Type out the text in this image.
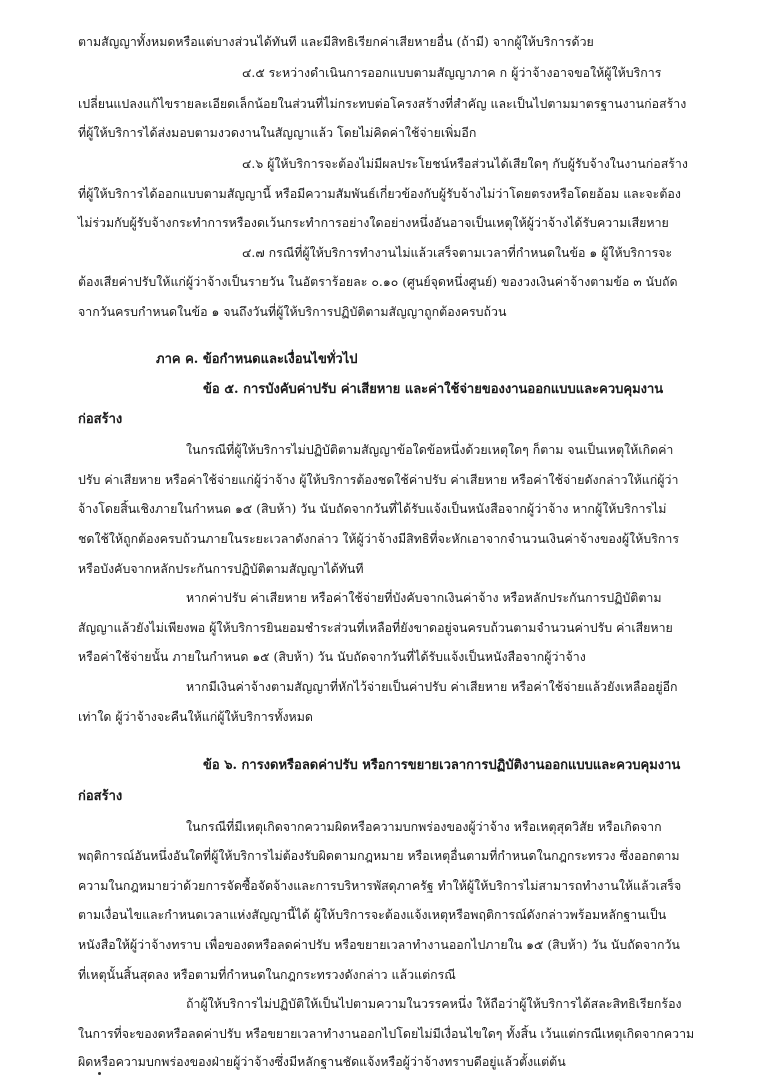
ตามสัญญาทั้งหมดหรือแต่บางส่วนได้ทันที และมีสิทธิเรียกค่าเสียหายอื่น (ถ้ามี) จากผู้ให้บริการด้วย
๔.๕ ระหว่างดำเนินการออกแบบตามสัญญาภาค ก ผู้ว่าจ้างอาจขอให้ผู้ให้บริการ
เปลี่ยนแปลงแก้ไขรายละเอียดเล็กน้อยในส่วนที่ไม่กระทบต่อโครงสร้างที่สำคัญ และเป็นไปตามมาตรฐานงานก่อสร้าง
ที่ผู้ให้บริการได้ส่งมอบตามงวดงานในสัญญาแล้ว โดยไม่คิดค่าใช้จ่ายเพิ่มอีก
๔.๖ ผู้ให้บริการจะต้องไม่มีผลประโยชน์หรือส่วนได้เสียใดๆ กับผู้รับจ้างในงานก่อสร้าง
ที่ผู้ให้บริการได้ออกแบบตามสัญญานี้ หรือมีความสัมพันธ์เกี่ยวข้องกับผู้รับจ้างไม่ว่าโดยตรงหรือโดยอ้อม และจะต้อง
ไม่ร่วมกับผู้รับจ้างกระทำการหรืองดเว้นกระทำการอย่างใดอย่างหนึ่งอันอาจเป็นเหตุให้ผู้ว่าจ้างได้รับความเสียหาย
๔.๗ กรณีที่ผู้ให้บริการทำงานไม่แล้วเสร็จตามเวลาที่กำหนดในข้อ ๑ ผู้ให้บริการจะ
ต้องเสียค่าปรับให้แก่ผู้ว่าจ้างเป็นรายวัน ในอัตราร้อยละ ๐.๑๐ (ศูนย์จุดหนึ่งศูนย์) ของวงเงินค่าจ้างตามข้อ ๓ นับถัด
จากวันครบกำหนดในข้อ ๑ จนถึงวันที่ผู้ให้บริการปฏิบัติตามสัญญาถูกต้องครบถ้วน
ภาค ค. ข้อกำหนดและเงื่อนไขทั่วไป
ข้อ ๕. การบังคับค่าปรับ ค่าเสียหาย และค่าใช้จ่ายของงานออกแบบและควบคุมงาน
ก่อสร้าง
ในกรณีที่ผู้ให้บริการไม่ปฏิบัติตามสัญญาข้อใดข้อหนึ่งด้วยเหตุใดๆ ก็ตาม จนเป็นเหตุให้เกิดค่า
ปรับ ค่าเสียหาย หรือค่าใช้จ่ายแก่ผู้ว่าจ้าง ผู้ให้บริการต้องชดใช้ค่าปรับ ค่าเสียหาย หรือค่าใช้จ่ายดังกล่าวให้แก่ผู้ว่า
จ้างโดยสิ้นเชิงภายในกำหนด ๑๕ (สิบห้า) วัน นับถัดจากวันที่ได้รับแจ้งเป็นหนังสือจากผู้ว่าจ้าง หากผู้ให้บริการไม่
ชดใช้ให้ถูกต้องครบถ้วนภายในระยะเวลาดังกล่าว ให้ผู้ว่าจ้างมีสิทธิที่จะหักเอาจากจำนวนเงินค่าจ้างของผู้ให้บริการ
หรือบังคับจากหลักประกันการปฏิบัติตามสัญญาได้ทันที
หากค่าปรับ ค่าเสียหาย หรือค่าใช้จ่ายที่บังคับจากเงินค่าจ้าง หรือหลักประกันการปฏิบัติตาม
สัญญาแล้วยังไม่เพียงพอ ผู้ให้บริการยินยอมชำระส่วนที่เหลือที่ยังขาดอยู่จนครบถ้วนตามจำนวนค่าปรับ ค่าเสียหาย
หรือค่าใช้จ่ายนั้น ภายในกำหนด ๑๕ (สิบห้า) วัน นับถัดจากวันที่ได้รับแจ้งเป็นหนังสือจากผู้ว่าจ้าง
หากมีเงินค่าจ้างตามสัญญาที่หักไว้จ่ายเป็นค่าปรับ ค่าเสียหาย หรือค่าใช้จ่ายแล้วยังเหลืออยู่อีก
เท่าใด ผู้ว่าจ้างจะคืนให้แก่ผู้ให้บริการทั้งหมด
ข้อ ๖. การงดหรือลดค่าปรับ หรือการขยายเวลาการปฏิบัติงานออกแบบและควบคุมงาน
ก่อสร้าง
ในกรณีที่มีเหตุเกิดจากความผิดหรือความบกพร่องของผู้ว่าจ้าง หรือเหตุสุดวิสัย หรือเกิดจาก
พฤติการณ์อันหนึ่งอันใดที่ผู้ให้บริการไม่ต้องรับผิดตามกฎหมาย หรือเหตุอื่นตามที่กำหนดในกฎกระทรวง ซึ่งออกตาม
ความในกฎหมายว่าด้วยการจัดซื้อจัดจ้างและการบริหารพัสดุภาครัฐ ทำให้ผู้ให้บริการไม่สามารถทำงานให้แล้วเสร็จ
ตามเงื่อนไขและกำหนดเวลาแห่งสัญญานี้ได้ ผู้ให้บริการจะต้องแจ้งเหตุหรือพฤติการณ์ดังกล่าวพร้อมหลักฐานเป็น
หนังสือให้ผู้ว่าจ้างทราบ เพื่อของดหรือลดค่าปรับ หรือขยายเวลาทำงานออกไปภายใน ๑๕ (สิบห้า) วัน นับถัดจากวัน
ที่เหตุนั้นสิ้นสุดลง หรือตามที่กำหนดในกฎกระทรวงดังกล่าว แล้วแต่กรณี
ถ้าผู้ให้บริการไม่ปฏิบัติให้เป็นไปตามความในวรรคหนึ่ง ให้ถือว่าผู้ให้บริการได้สละสิทธิเรียกร้อง
ในการที่จะของดหรือลดค่าปรับ หรือขยายเวลาทำงานออกไปโดยไม่มีเงื่อนไขใดๆ ทั้งสิ้น เว้นแต่กรณีเหตุเกิดจากความ
ผิดหรือความบกพร่องของฝ่ายผู้ว่าจ้างซึ่งมีหลักฐานชัดแจ้งหรือผู้ว่าจ้างทราบดีอยู่แล้วตั้งแต่ต้น
